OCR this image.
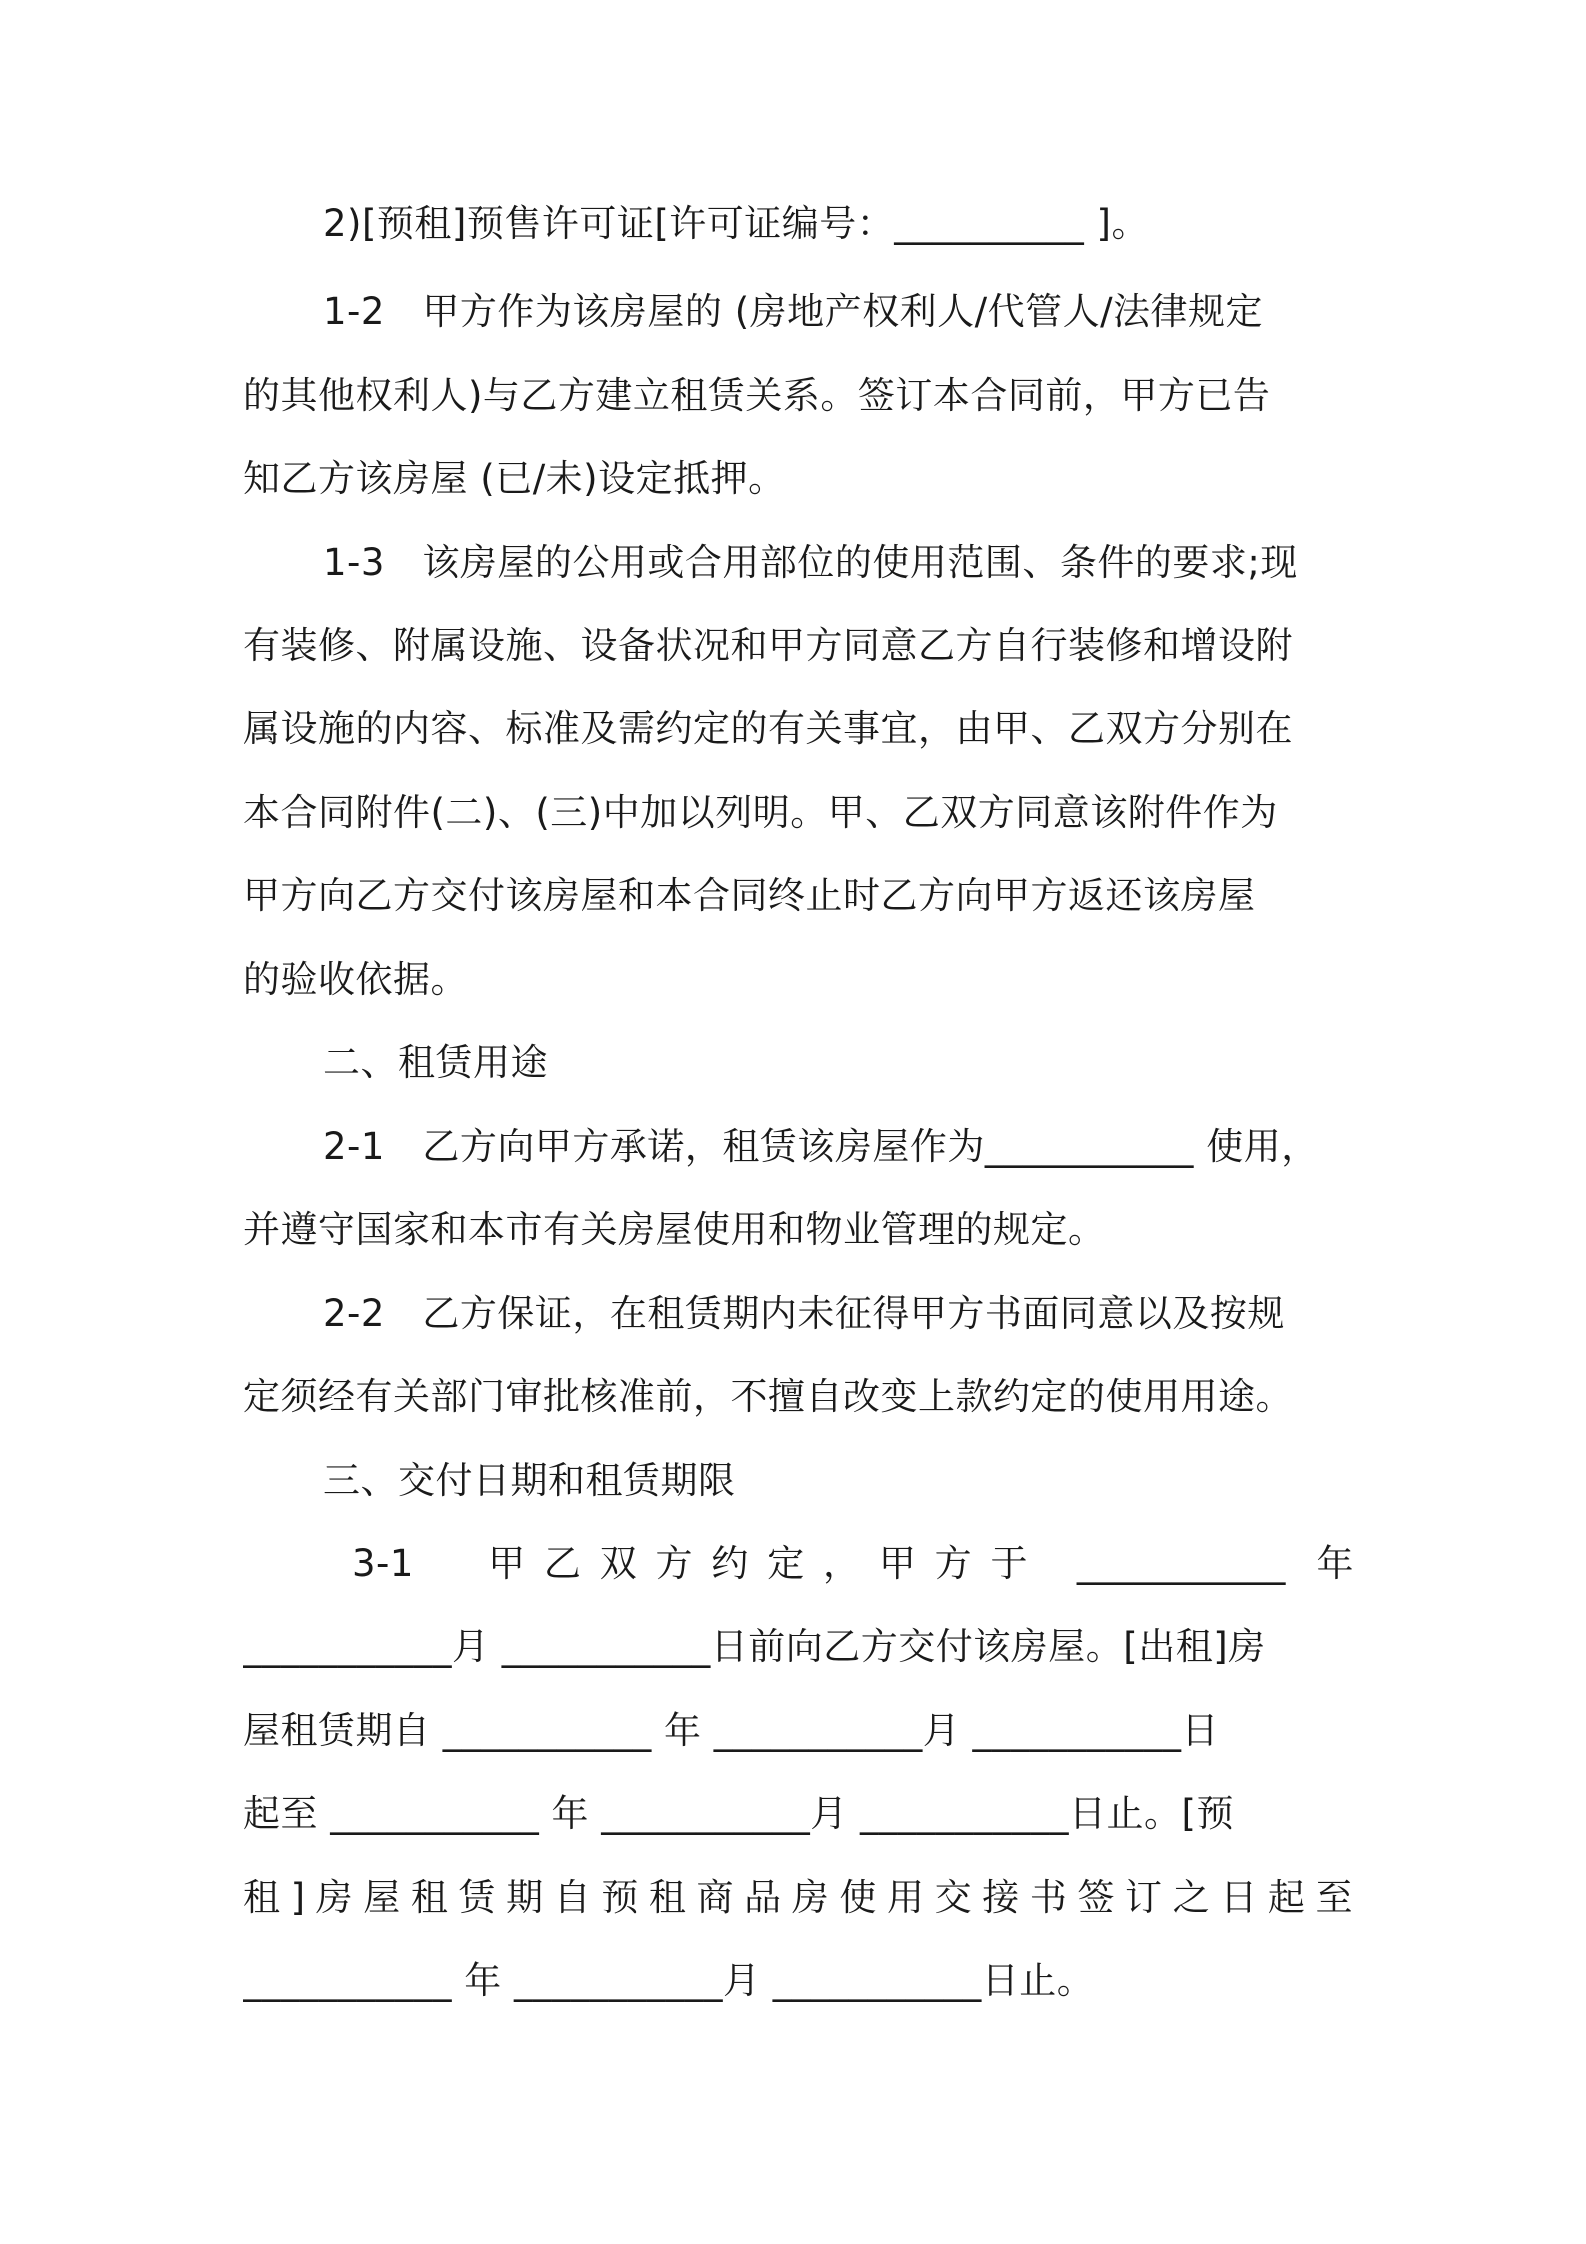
2)[预租]预售许可证[许可证编号：__________ ]。
1-2　甲方作为该房屋的 (房地产权利人/代管人/法律规定
的其他权利人)与乙方建立租赁关系。签订本合同前，甲方已告
知乙方该房屋 (已/未)设定抵押。
1-3　该房屋的公用或合用部位的使用范围、条件的要求;现
有装修、附属设施、设备状况和甲方同意乙方自行装修和增设附
属设施的内容、标准及需约定的有关事宜，由甲、乙双方分别在
本合同附件(二)、(三)中加以列明。甲、乙双方同意该附件作为
甲方向乙方交付该房屋和本合同终止时乙方向甲方返还该房屋
的验收依据。
二、租赁用途
2-1　乙方向甲方承诺，租赁该房屋作为___________ 使用，
并遵守国家和本市有关房屋使用和物业管理的规定。
2-2　乙方保证，在租赁期内未征得甲方书面同意以及按规
定须经有关部门审批核准前，不擅自改变上款约定的使用用途。
三、交付日期和租赁期限
3-1　甲乙双方约定，甲方于 ___________ 年
___________月 ___________日前向乙方交付该房屋。[出租]房
屋租赁期自 ___________ 年 ___________月 ___________日
起至 ___________ 年 ___________月 ___________日止。[预
租]房屋租赁期自预租商品房使用交接书签订之日起至
___________ 年 ___________月 ___________日止。
